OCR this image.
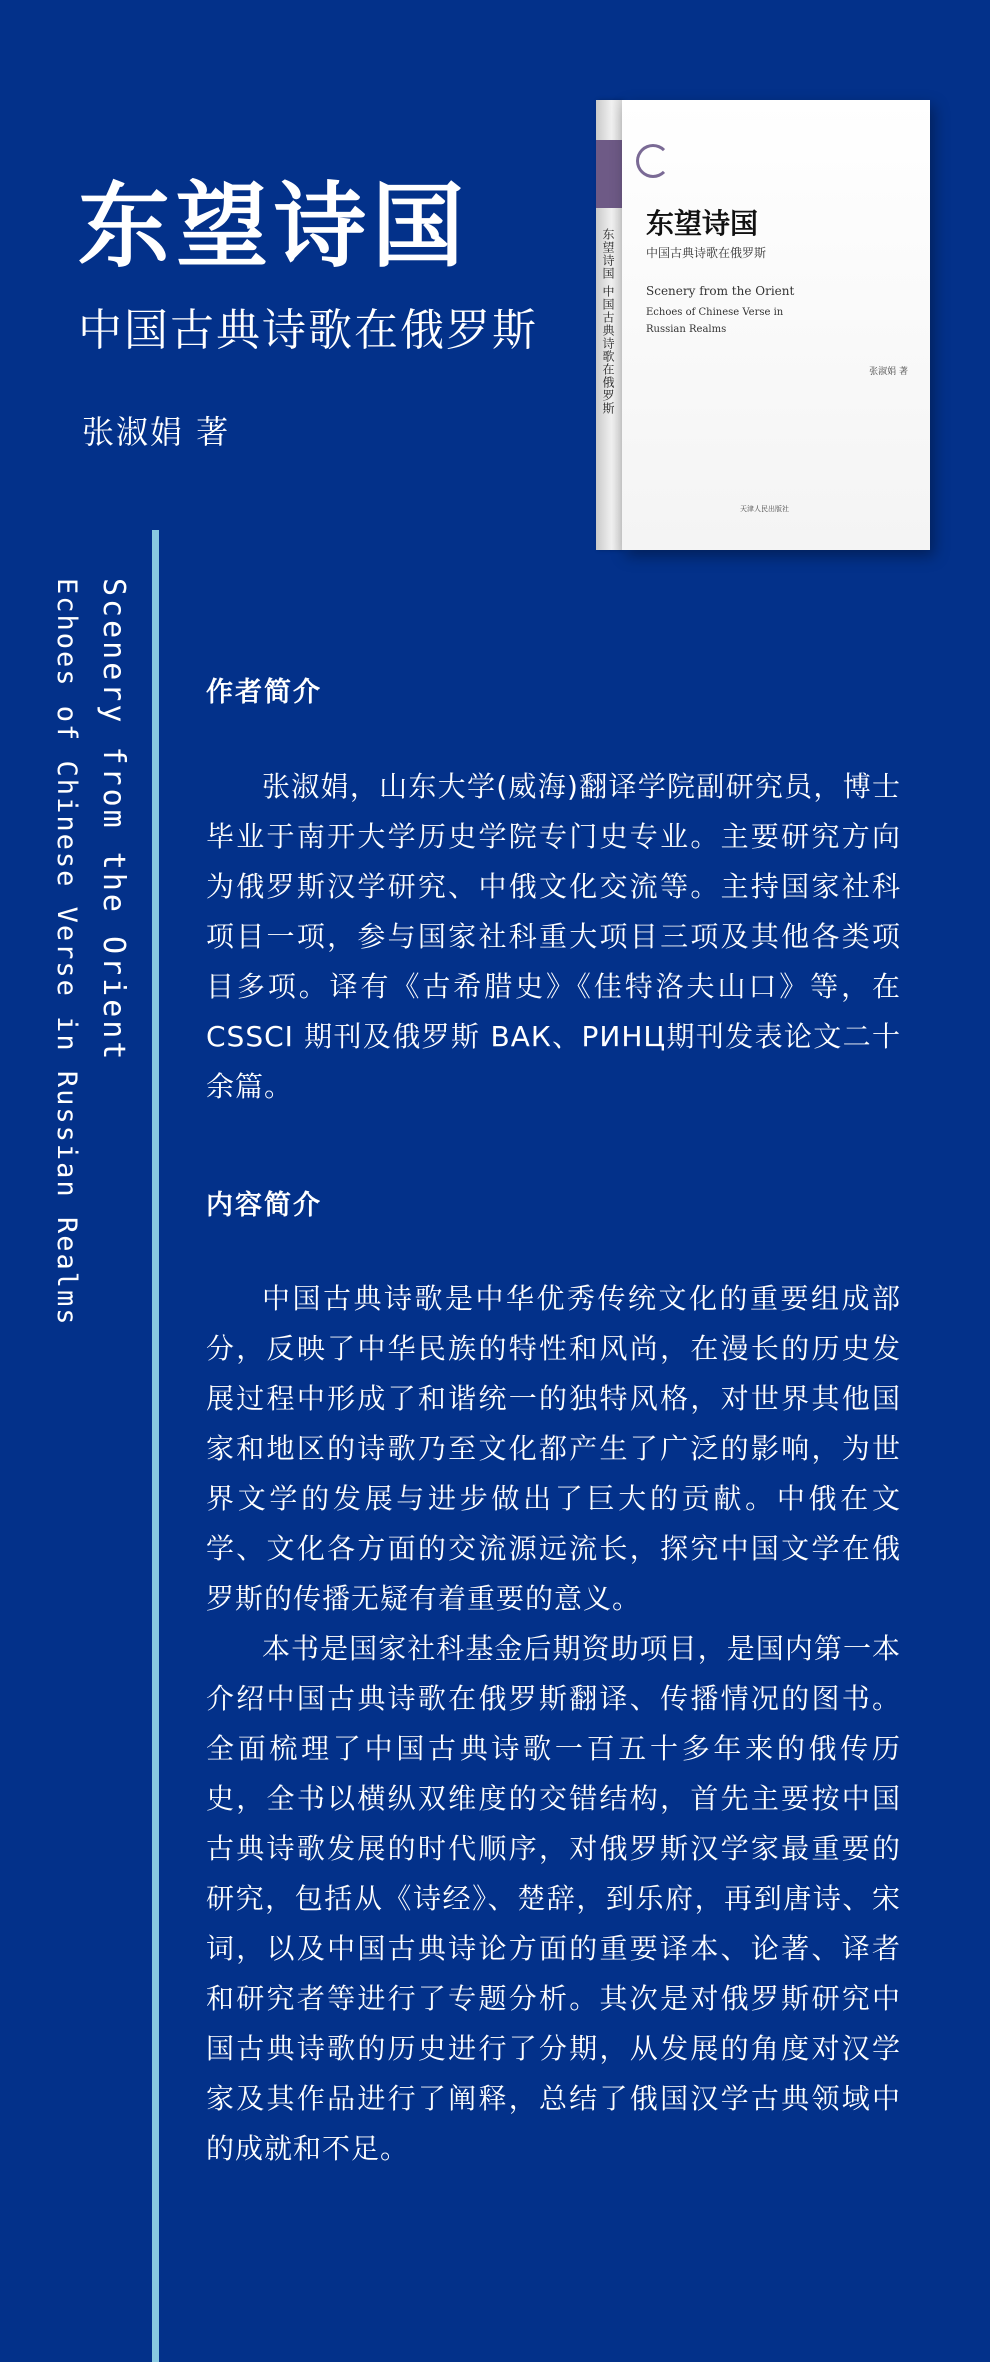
东望诗国
中国古典诗歌在俄罗斯
张淑娟 著
东望诗国 中国古典诗歌在俄罗斯
东望诗国
中国古典诗歌在俄罗斯
Scenery from the Orient
Echoes of Chinese Verse in Russian Realms
张淑娟 著
天津人民出版社
Scenery from the Orient
Echoes of Chinese Verse in Russian Realms	作者简介

张淑娟，山东大学(威海)翻译学院副研究员，博士毕业于南开大学历史学院专门史专业。主要研究方向为俄罗斯汉学研究、中俄文化交流等。主持国家社科项目一项，参与国家社科重大项目三项及其他各类项目多项。译有《古希腊史》《佳特洛夫山口》等，在 CSSCI 期刊及俄罗斯 ВАК、РИНЦ期刊发表论文二十余篇。

内容简介

中国古典诗歌是中华优秀传统文化的重要组成部分，反映了中华民族的特性和风尚，在漫长的历史发展过程中形成了和谐统一的独特风格，对世界其他国家和地区的诗歌乃至文化都产生了广泛的影响，为世界文学的发展与进步做出了巨大的贡献。中俄在文学、文化各方面的交流源远流长，探究中国文学在俄罗斯的传播无疑有着重要的意义。

本书是国家社科基金后期资助项目，是国内第一本介绍中国古典诗歌在俄罗斯翻译、传播情况的图书。全面梳理了中国古典诗歌一百五十多年来的俄传历史，全书以横纵双维度的交错结构，首先主要按中国古典诗歌发展的时代顺序，对俄罗斯汉学家最重要的研究，包括从《诗经》、楚辞，到乐府，再到唐诗、宋词，以及中国古典诗论方面的重要译本、论著、译者和研究者等进行了专题分析。其次是对俄罗斯研究中国古典诗歌的历史进行了分期，从发展的角度对汉学家及其作品进行了阐释，总结了俄国汉学古典领域中的成就和不足。
